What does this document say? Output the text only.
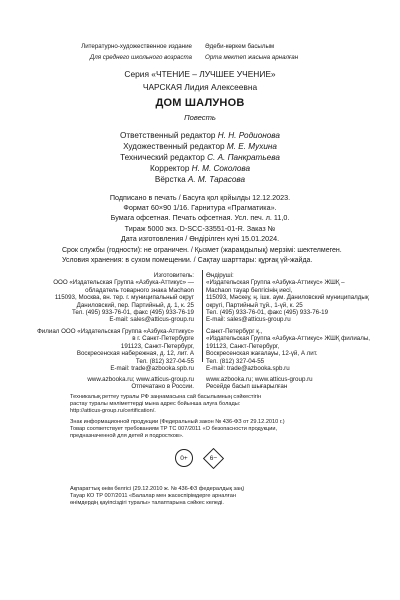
Литературно-художественное издание Әдеби-көркем басылым
Для среднего школьного возраста Орта мектеп жасына арналған
Серия «ЧТЕНИЕ – ЛУЧШЕЕ УЧЕНИЕ»
ЧАРСКАЯ Лидия Алексеевна
ДОМ ШАЛУНОВ
Повесть
Ответственный редактор Н. Н. Родионова
Художественный редактор М. Е. Мухина
Технический редактор С. А. Панкратьева
Корректор Н. М. Соколова
Вёрстка А. М. Тарасова
Подписано в печать / Басуға қол қойылды 12.12.2023.
Формат 60×90 1/16. Гарнитура «Прагматика».
Бумага офсетная. Печать офсетная. Усл. печ. л. 11,0.
Тираж 5000 экз. D-SCC-33551-01-R. Заказ №
Дата изготовления / Өндірілген күні 15.01.2024.
Срок службы (годности): не ограничен. / Қызмет (жарамдылық) мерзімі: шектелмеген.
Условия хранения: в сухом помещении. / Сақтау шарттары: құрғақ үй-жайда.
Изготовитель:
ООО «Издательская Группа «Азбука-Аттикус» —
обладатель товарного знака Machaon
115093, Москва, вн. тер. г. муниципальный округ
Даниловский, пер. Партийный, д. 1, к. 25
Тел. (495) 933-76-01, факс (495) 933-76-19
E-mail: sales@atticus-group.ru
Өндіруші:
«Издательская Группа «Азбука-Аттикус» ЖШҚ –
Machaon тауар белгісінің иесі,
115093, Мәскеу, ң. ішк. аум. Даниловский муниципалдық
округі, Партийный тұй., 1-үй, к. 25
Тел. (495) 933-76-01, факс (495) 933-76-19
E-mail: sales@atticus-group.ru
Филиал ООО «Издательская Группа «Азбука-Аттикус»
в г. Санкт-Петербурге
191123, Санкт-Петербург,
Воскресенская набережная, д. 12, лит. А
Тел. (812) 327-04-55
E-mail: trade@azbooka.spb.ru
Санкт-Петербург қ.,
«Издательская Группа «Азбука-Аттикус» ЖШҚ филиалы,
191123, Санкт-Петербург,
Воскресенская жағалауы, 12-үй, А лит.
Тел. (812) 327-04-55
E-mail: trade@azbooka.spb.ru
www.azbooka.ru; www.atticus-group.ru
Отпечатано в России.
www.azbooka.ru; www.atticus-group.ru
Ресейде басып шығарылған
Техникалық реттеу туралы РФ заңнамасына сай басылымның сәйкестігін
растау туралы мәліметтерді мына адрес бойынша алуға болады:
http://atticus-group.ru/certification/.
Знак информационной продукции (Федеральный закон № 436-ФЗ от 29.12.2010 г.)
Товар соответствует требованиям ТР ТС 007/2011 «О безопасности продукции,
предназначенной для детей и подростков».
0+	6−
Ақпараттық өнім белгісі (29.12.2010 ж. № 436-ФЗ федералдық заң)
Тауар КО ТР 007/2011 «Балалар мен жасөспірімдерге арналған
өнімдердің қауіпсіздігі туралы» талаптарына сәйкес келеді.
